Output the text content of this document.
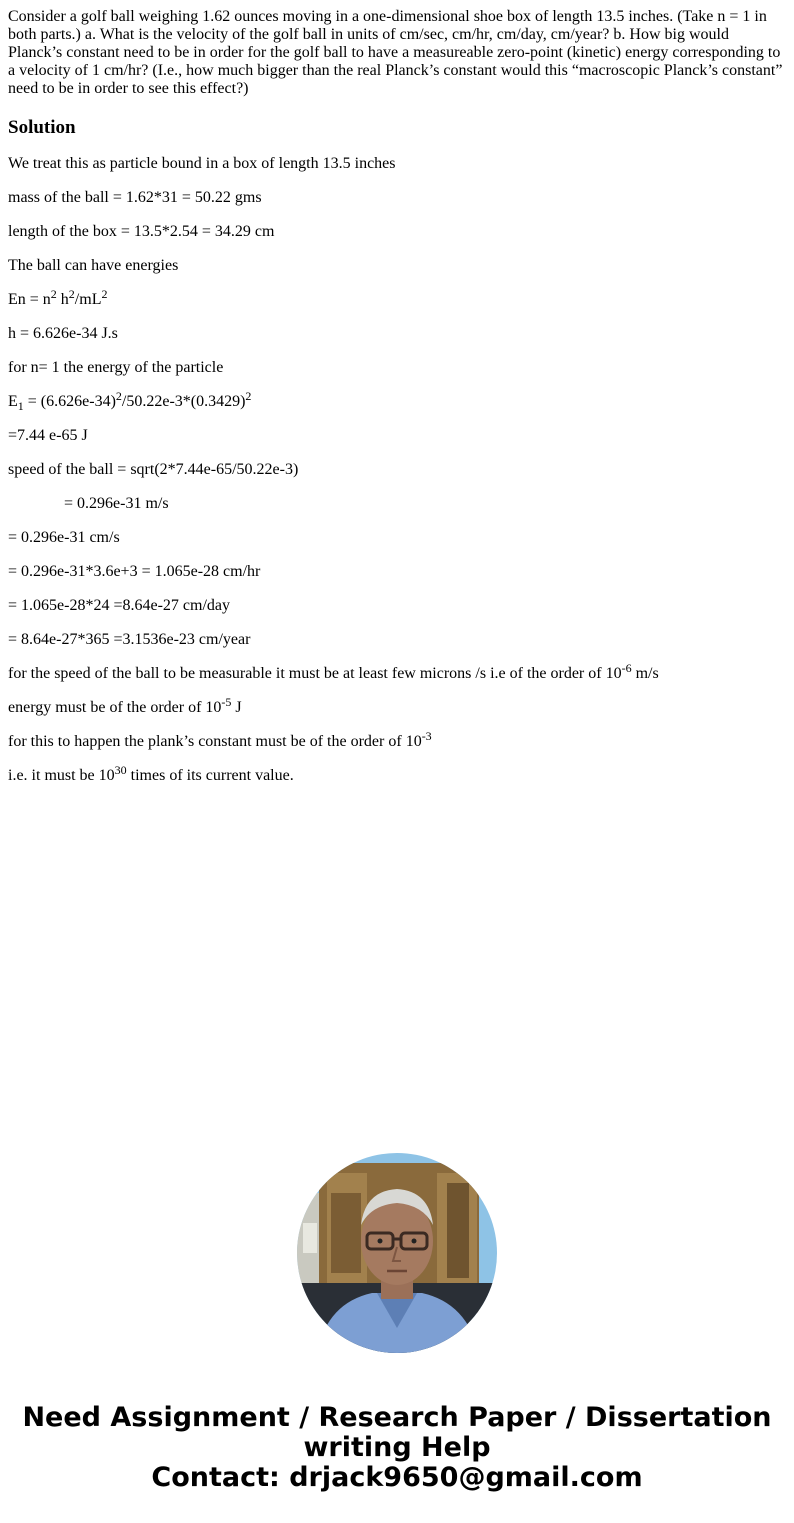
Consider a golf ball weighing 1.62 ounces moving in a one-dimensional shoe box of length 13.5 inches. (Take n = 1 in both parts.) a. What is the velocity of the golf ball in units of cm/sec, cm/hr, cm/day, cm/year? b. How big would Planck’s constant need to be in order for the golf ball to have a measureable zero-point (kinetic) energy corresponding to a velocity of 1 cm/hr? (I.e., how much bigger than the real Planck’s constant would this “macroscopic Planck’s constant” need to be in order to see this effect?)
Solution

We treat this as particle bound in a box of length 13.5 inches

mass of the ball = 1.62*31 = 50.22 gms

length of the box = 13.5*2.54 = 34.29 cm

The ball can have energies

$En = n^2$ $h^2/mL^2$

h = 6.626e-34 J.s

for n= 1 the energy of the particle

$E_1 = (6.626e-34)^2/50.22e-3*(0.3429)^2$

=7.44 e-65 J

speed of the ball = sqrt(2*7.44e-65/50.22e-3)

= 0.296e-31 m/s

= 0.296e-31 cm/s

= 0.296e-31*3.6e+3 = 1.065e-28 cm/hr

= 1.065e-28*24 =8.64e-27 cm/day

= 8.64e-27*365 =3.1536e-23 cm/year

for the speed of the ball to be measurable it must be at least few microns /s i.e of the order of $10^{-6}$ m/s

energy must be of the order of $10^{-5}$ J

for this to happen the plank’s constant must be of the order of $10^{-3}$

i.e. it must be $10^{30}$ times of its current value.

Need Assignment / Research Paper / Dissertation
writing Help
Contact: drjack9650@gmail.com
